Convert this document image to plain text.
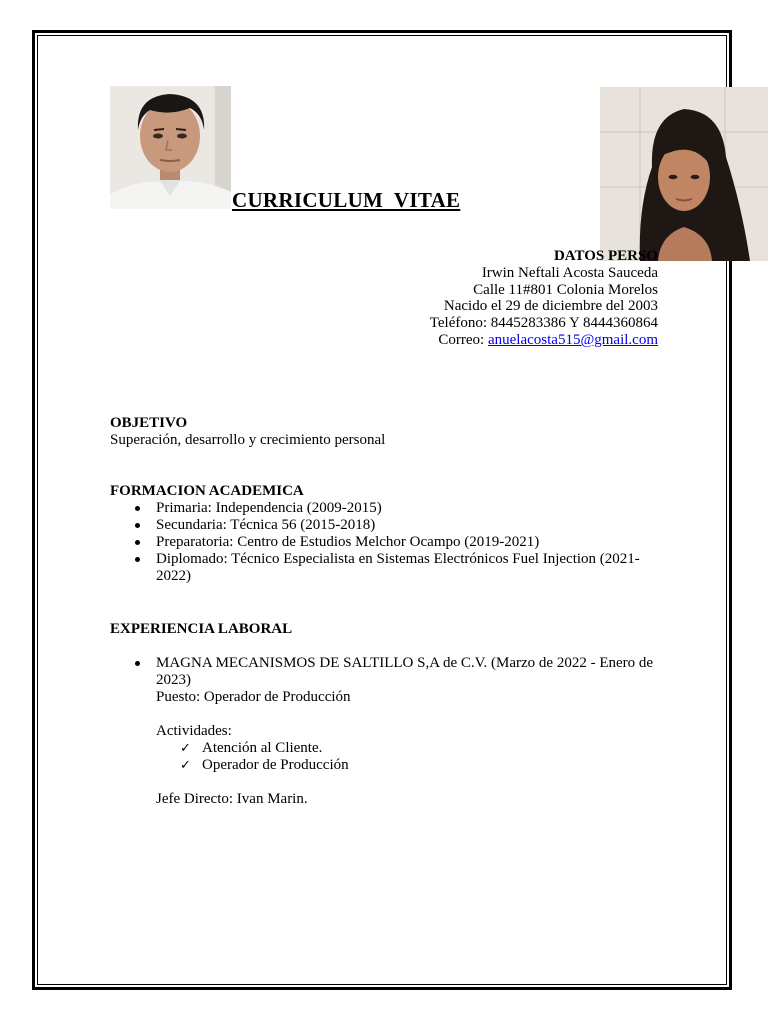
CURRICULUM  VITAE
DATOS PERSO
Irwin Neftali Acosta Sauceda
Calle 11#801 Colonia Morelos
Nacido el 29 de diciembre del 2003
Teléfono: 8445283386 Y 8444360864
Correo: anuelacosta515@gmail.com
OBJETIVO
Superación, desarrollo y crecimiento personal
FORMACION ACADEMICA
Primaria: Independencia (2009-2015)
Secundaria: Técnica 56 (2015-2018)
Preparatoria: Centro de Estudios Melchor Ocampo (2019-2021)
Diplomado: Técnico Especialista en Sistemas Electrónicos Fuel Injection (2021-2022)
EXPERIENCIA LABORAL
MAGNA MECANISMOS DE SALTILLO S,A de C.V. (Marzo de 2022 - Enero de 2023)
Puesto: Operador de Producción
Actividades:
✓ Atención al Cliente.
✓ Operador de Producción
Jefe Directo: Ivan Marin.
